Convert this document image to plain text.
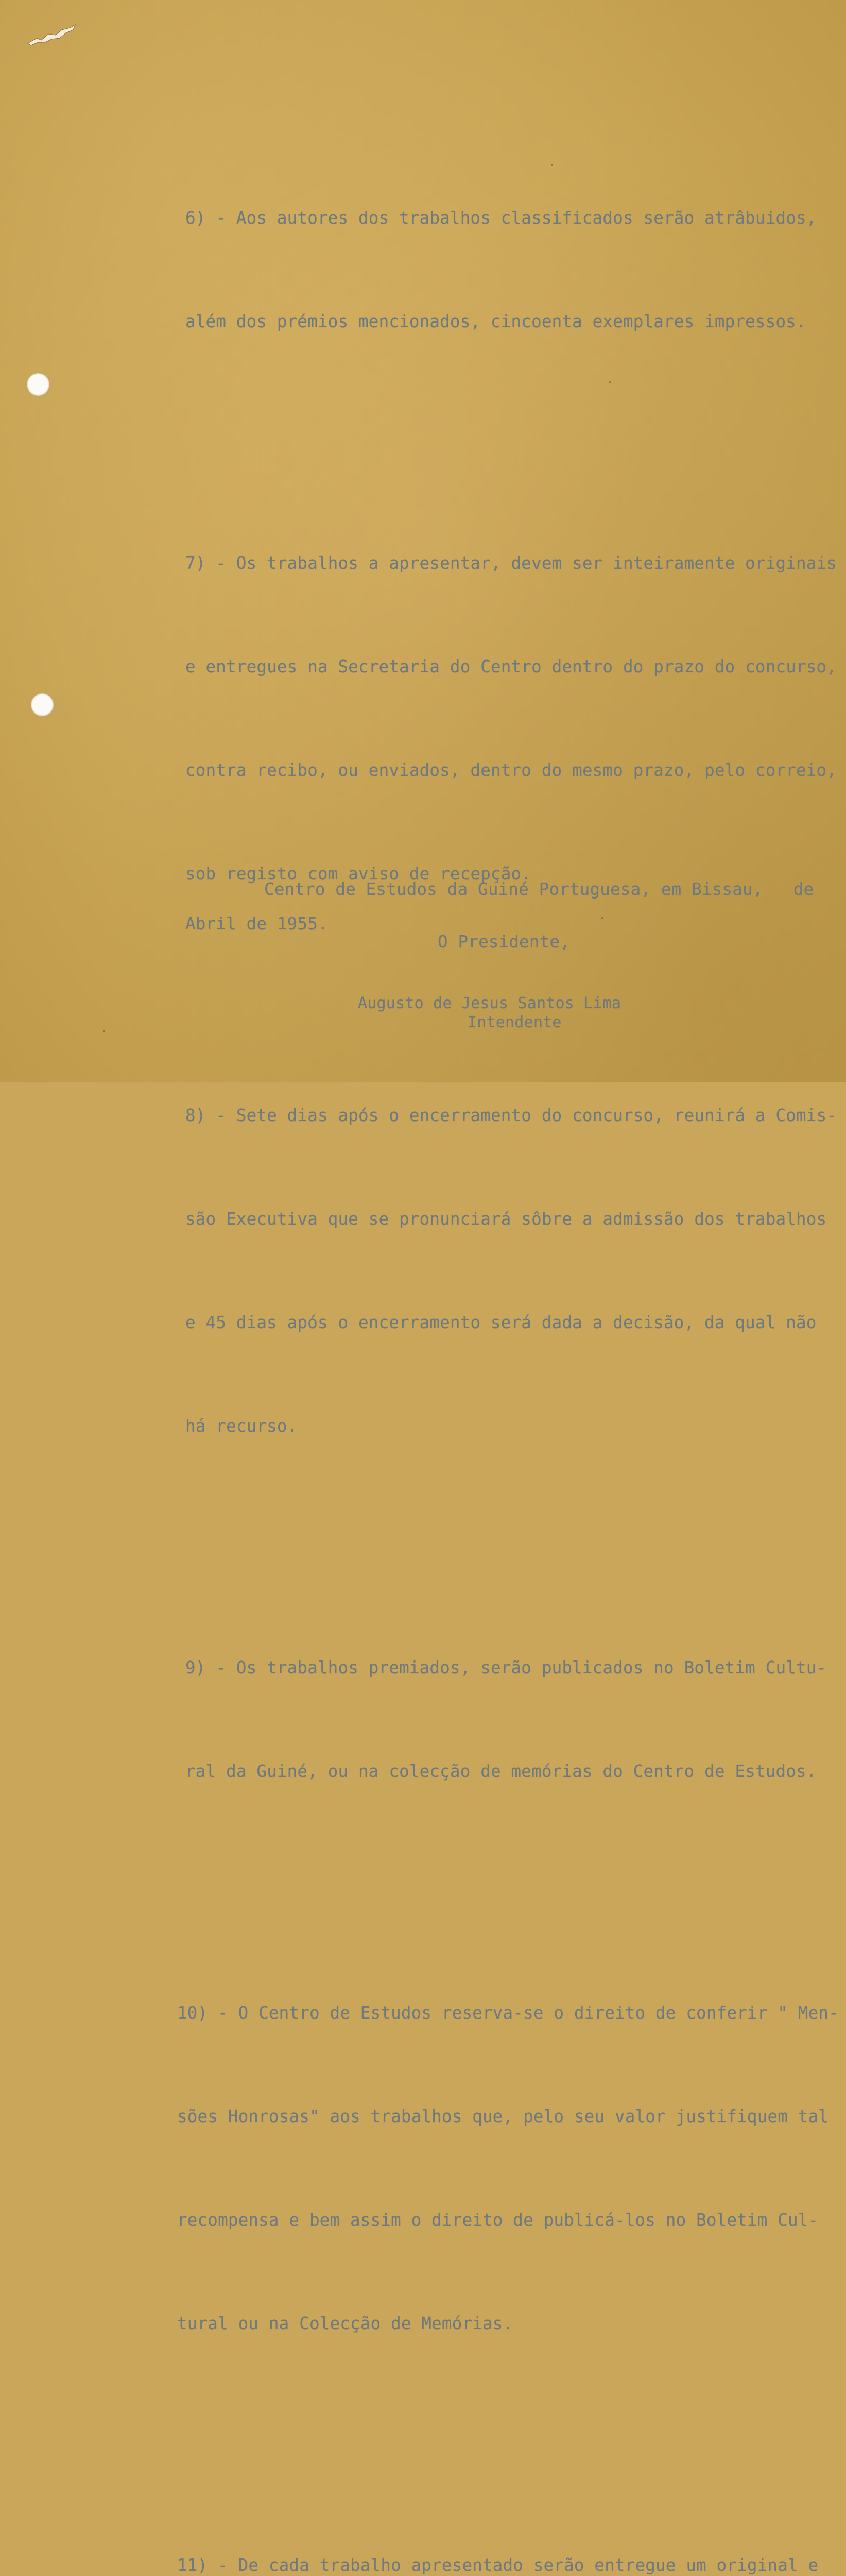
6) - Aos autores dos trabalhos classificados serão atrâbuidos,

além dos prémios mencionados, cincoenta exemplares impressos.

7) - Os trabalhos a apresentar, devem ser inteiramente originais

e entregues na Secretaria do Centro dentro do prazo do concurso,

contra recibo, ou enviados, dentro do mesmo prazo, pelo correio,

sob registo com aviso de recepção.

8) - Sete dias após o encerramento do concurso, reunirá a Comis-

são Executiva que se pronunciará sôbre a admissão dos trabalhos

e 45 dias após o encerramento será dada a decisão, da qual não

há recurso.

9) - Os trabalhos premiados, serão publicados no Boletim Cultu-

ral da Guiné, ou na colecção de memórias do Centro de Estudos.

10) - O Centro de Estudos reserva-se o direito de conferir " Men-

sões Honrosas" aos trabalhos que, pelo seu valor justifiquem tal

recompensa e bem assim o direito de publicá-los no Boletim Cul-

tural ou na Colecção de Memórias.

11) - De cada trabalho apresentado serão entregue um original e

Centro de Estudos da Guiné Portuguesa, em Bissau,   de
Abril de 1955.
O Presidente,
Augusto de Jesus Santos Lima
Intendente
